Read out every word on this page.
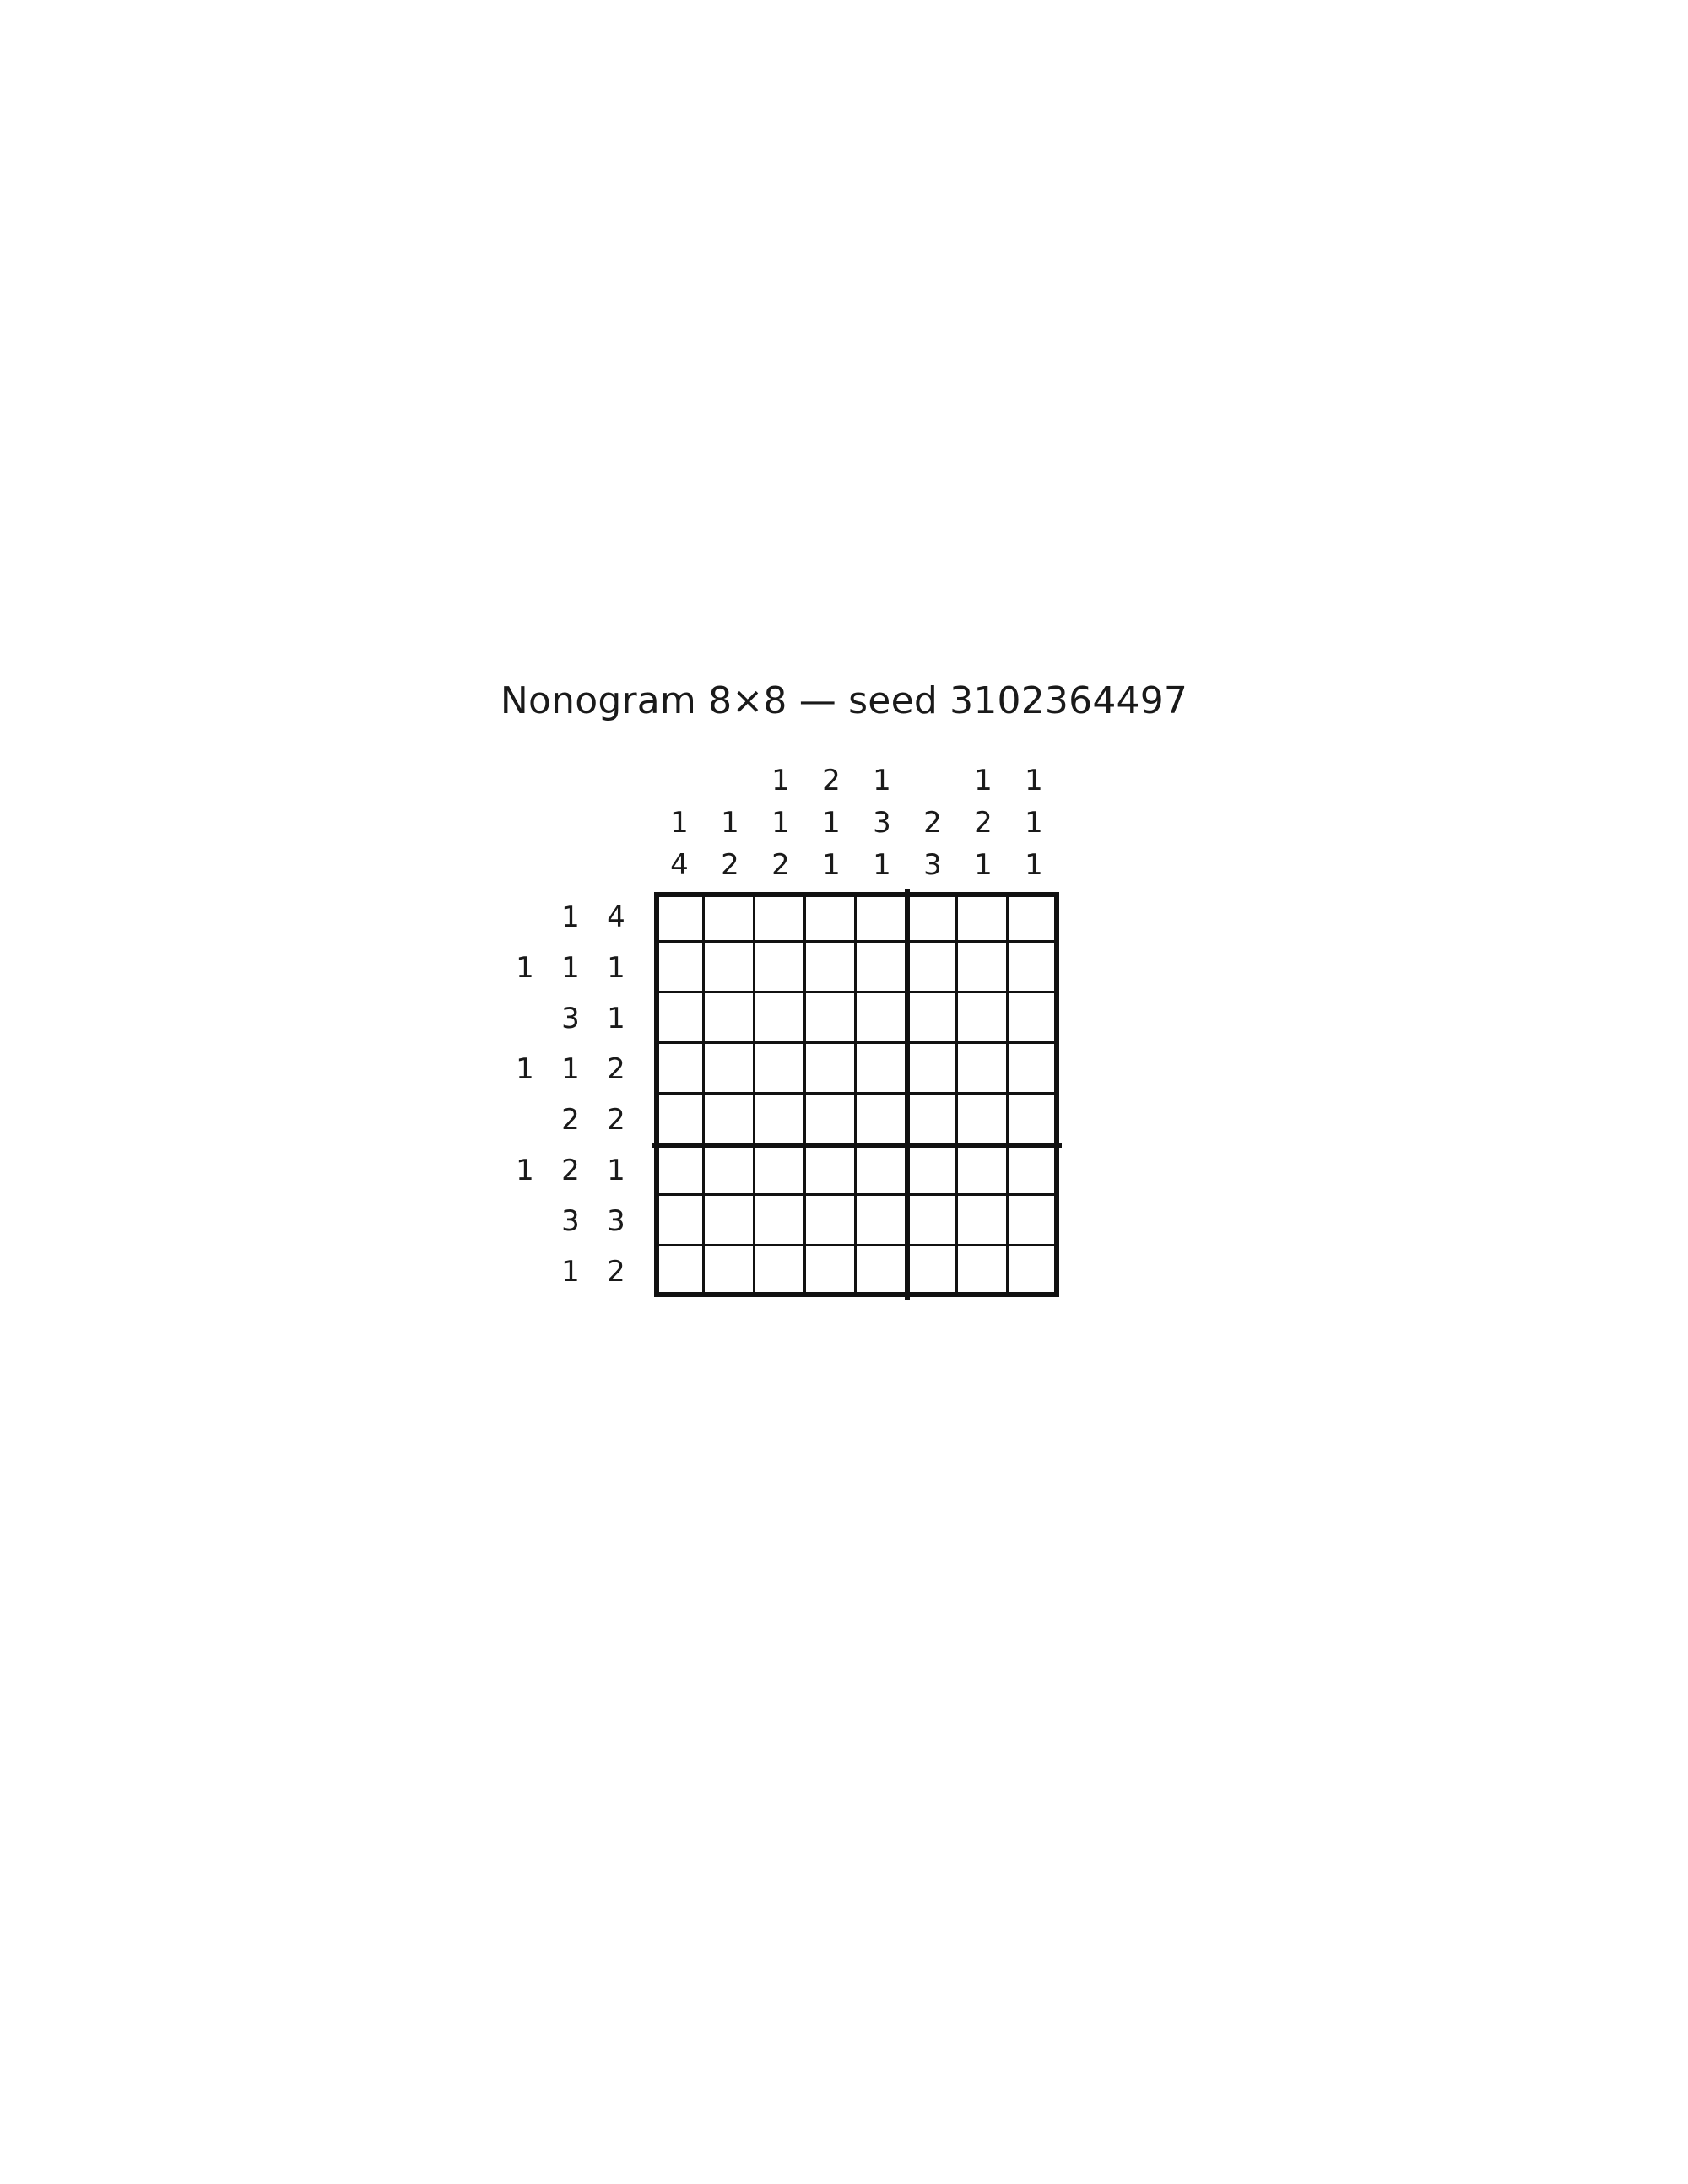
Nonogram 8×8 — seed 3102364497
1
4
1
2
1
1
2
2
1
1
1
3
1
2
3
1
2
1
1
1
1
1 4
1 1 1
3 1
1 1 2
2 2
1 2 1
3 3
1 2
